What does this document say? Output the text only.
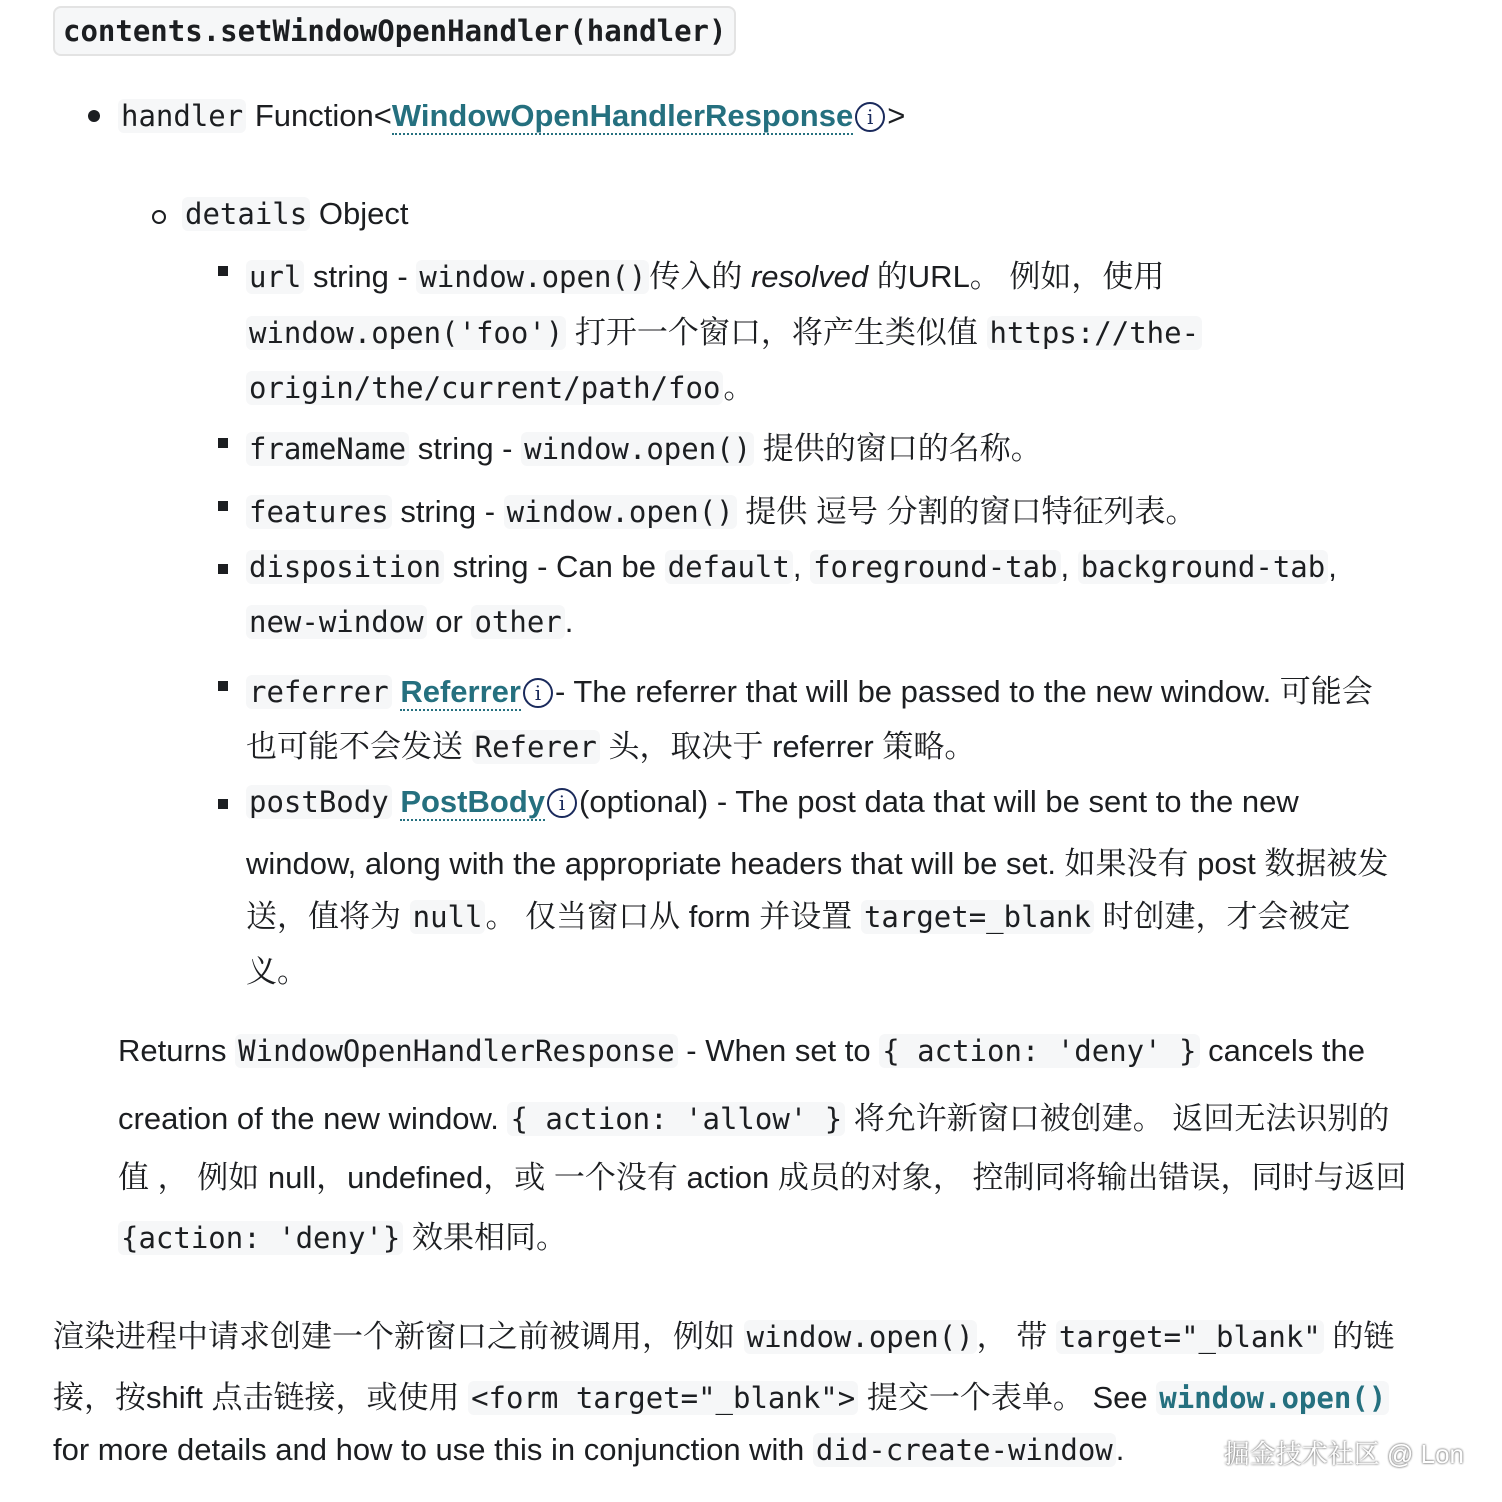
contents.setWindowOpenHandler(handler)
handler Function<WindowOpenHandlerResponse i >
details Object
url string - window.open()传入的 resolved 的URL。 例如，使用
window.open('foo') 打开一个窗口，将产生类似值 https://the-
origin/the/current/path/foo。
frameName string - window.open() 提供的窗口的名称。
features string - window.open() 提供 逗号 分割的窗口特征列表。
disposition string - Can be default, foreground-tab, background-tab,
new-window or other.
referrer Referrer i - The referrer that will be passed to the new window. 可能会
也可能不会发送 Referer 头，取决于 referrer 策略。
postBody PostBody i (optional) - The post data that will be sent to the new
window, along with the appropriate headers that will be set. 如果没有 post 数据被发
送，值将为 null。 仅当窗口从 form 并设置 target=_blank 时创建，才会被定
义。
Returns WindowOpenHandlerResponse - When set to { action: 'deny' } cancels the
creation of the new window. { action: 'allow' } 将允许新窗口被创建。 返回无法识别的
值 ， 例如 null，undefined，或 一个没有 action 成员的对象， 控制同将输出错误，同时与返回
{action: 'deny'} 效果相同。
渲染进程中请求创建一个新窗口之前被调用，例如 window.open()， 带 target="_blank" 的链
接，按shift 点击链接，或使用 <form target="_blank"> 提交一个表单。 See window.open()
for more details and how to use this in conjunction with did-create-window.	掘金技术社区 @ Lon
